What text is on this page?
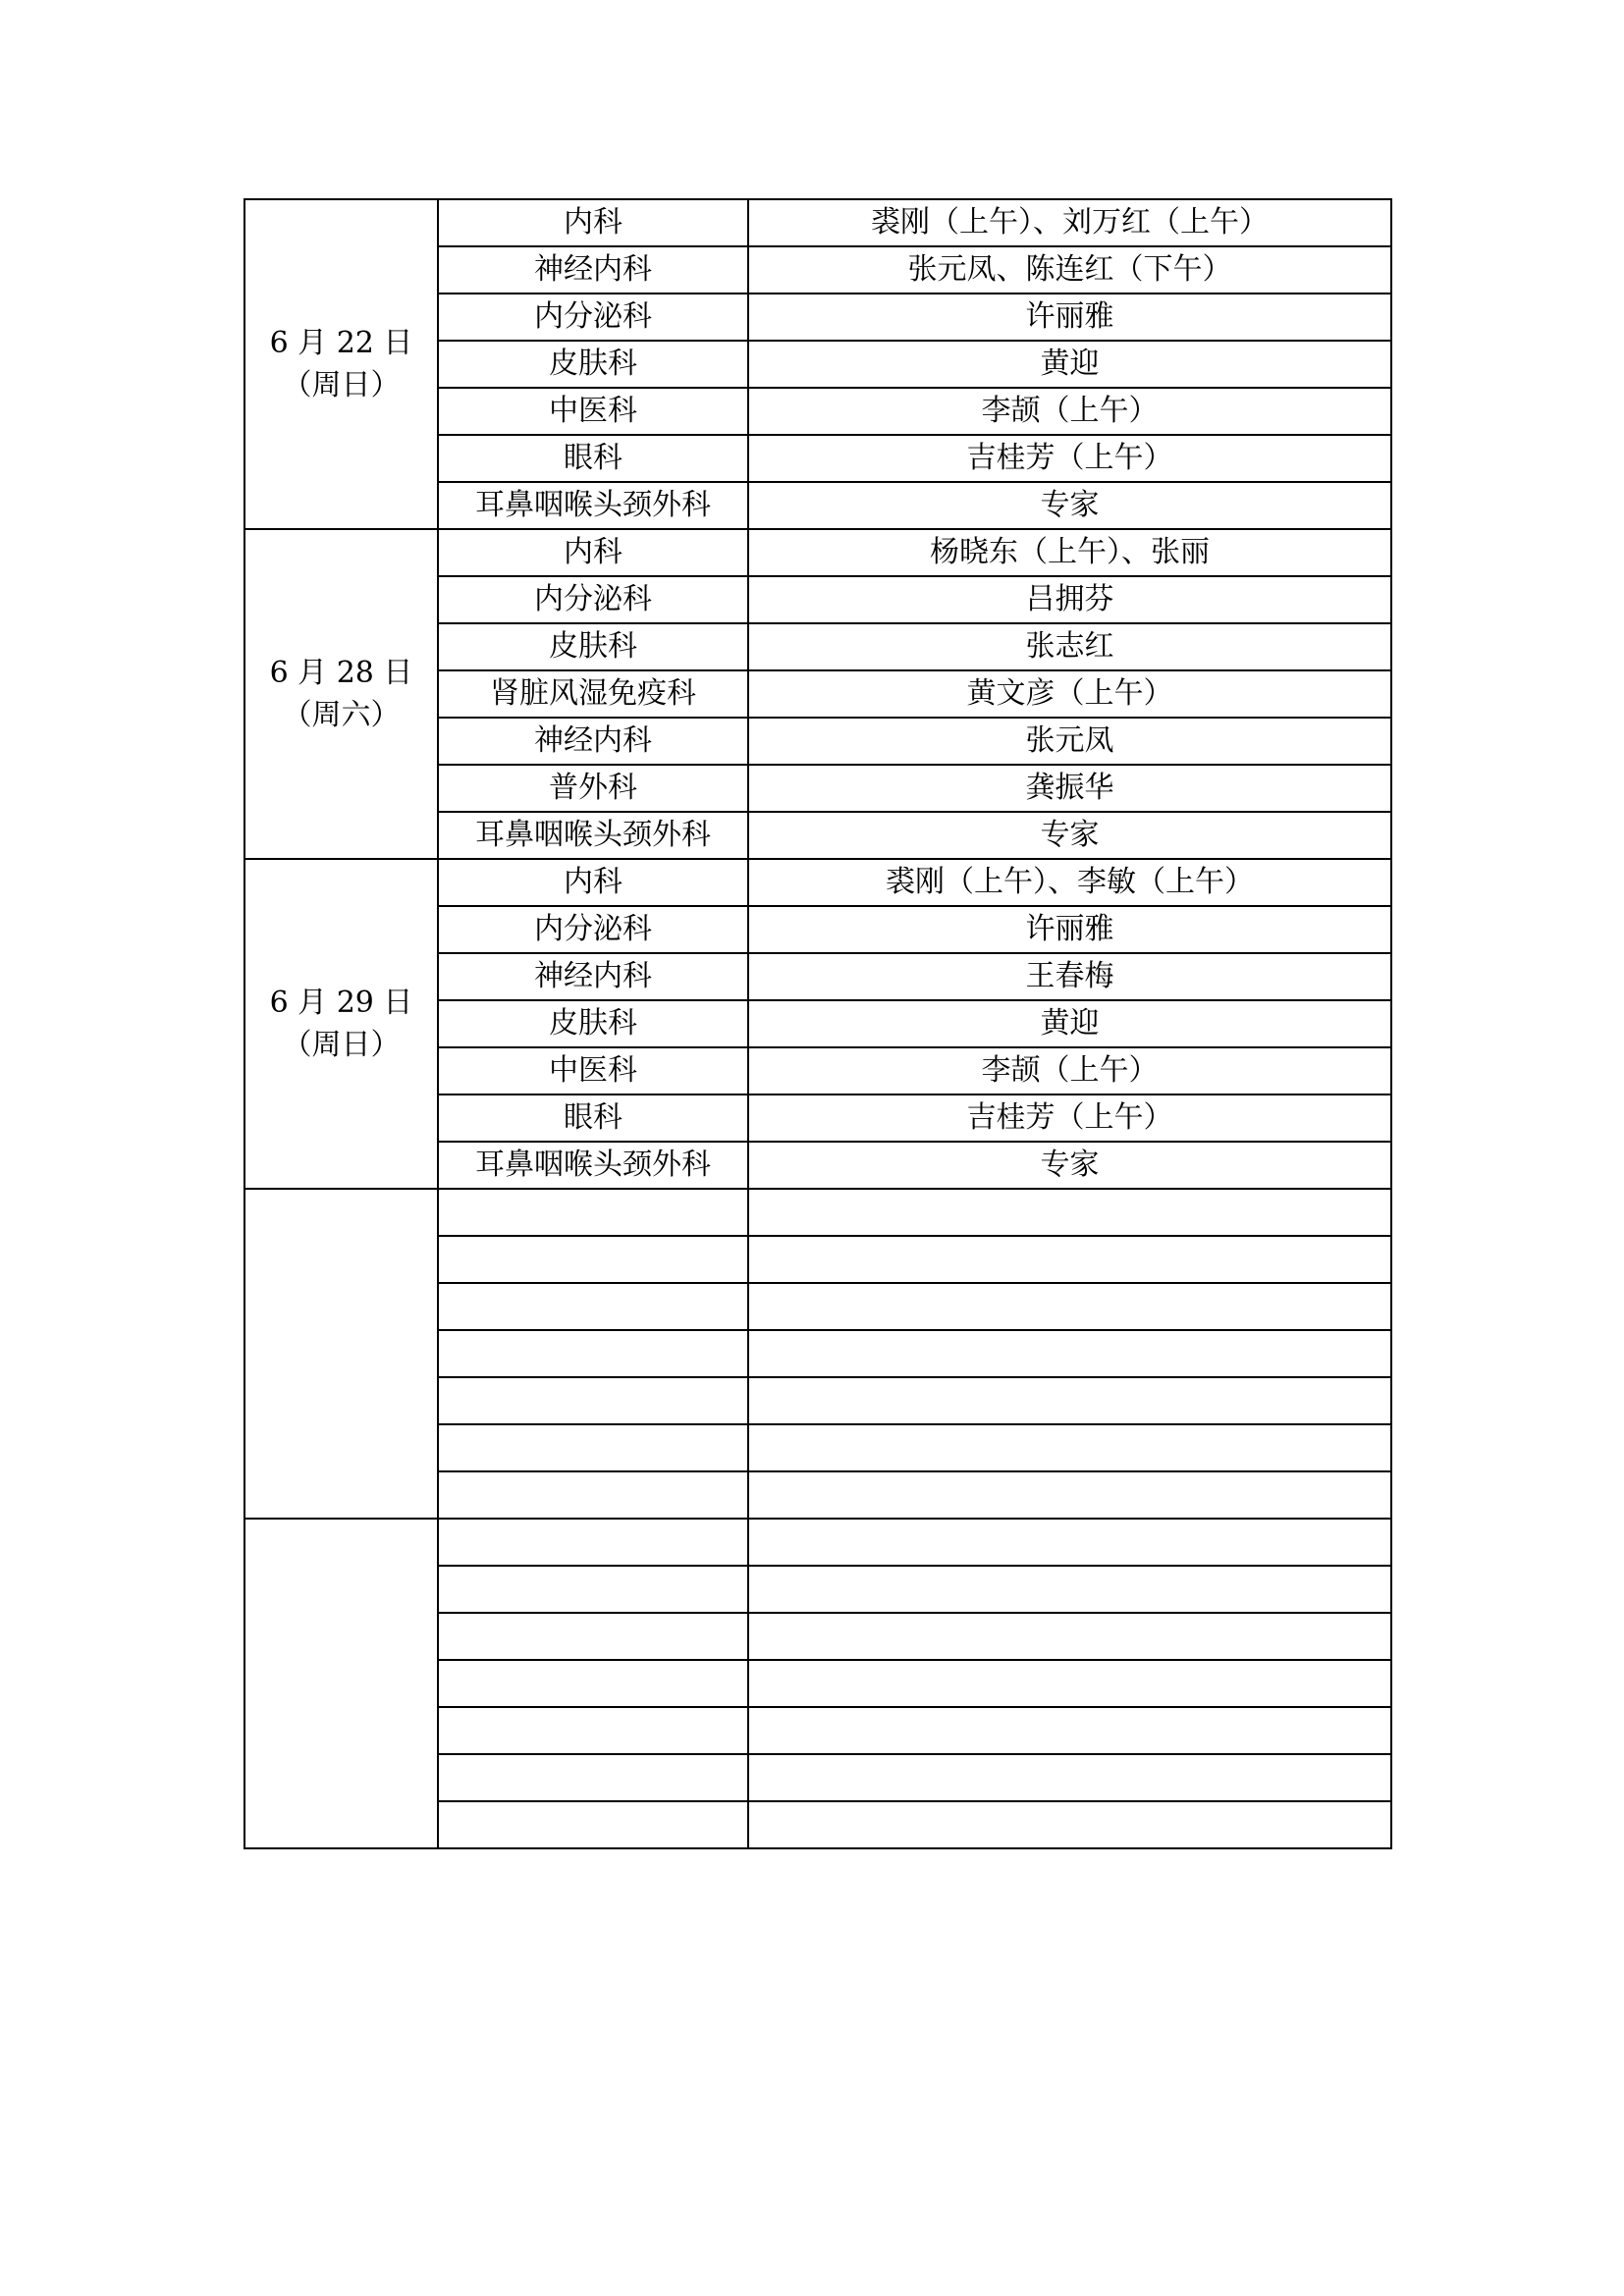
6 月 22 日
（周日）	内科	裘刚（上午）、刘万红（上午）
	神经内科	张元凤、陈连红（下午）
	内分泌科	许丽雅
	皮肤科	黄迎
	中医科	李颉（上午）
	眼科	吉桂芳（上午）
	耳鼻咽喉头颈外科	专家

6 月 28 日
（周六）	内科	杨晓东（上午）、张丽
	内分泌科	吕拥芬
	皮肤科	张志红
	肾脏风湿免疫科	黄文彦（上午）
	神经内科	张元凤
	普外科	龚振华
	耳鼻咽喉头颈外科	专家

6 月 29 日
（周日）	内科	裘刚（上午）、李敏（上午）
	内分泌科	许丽雅
	神经内科	王春梅
	皮肤科	黄迎
	中医科	李颉（上午）
	眼科	吉桂芳（上午）
	耳鼻咽喉头颈外科	专家
